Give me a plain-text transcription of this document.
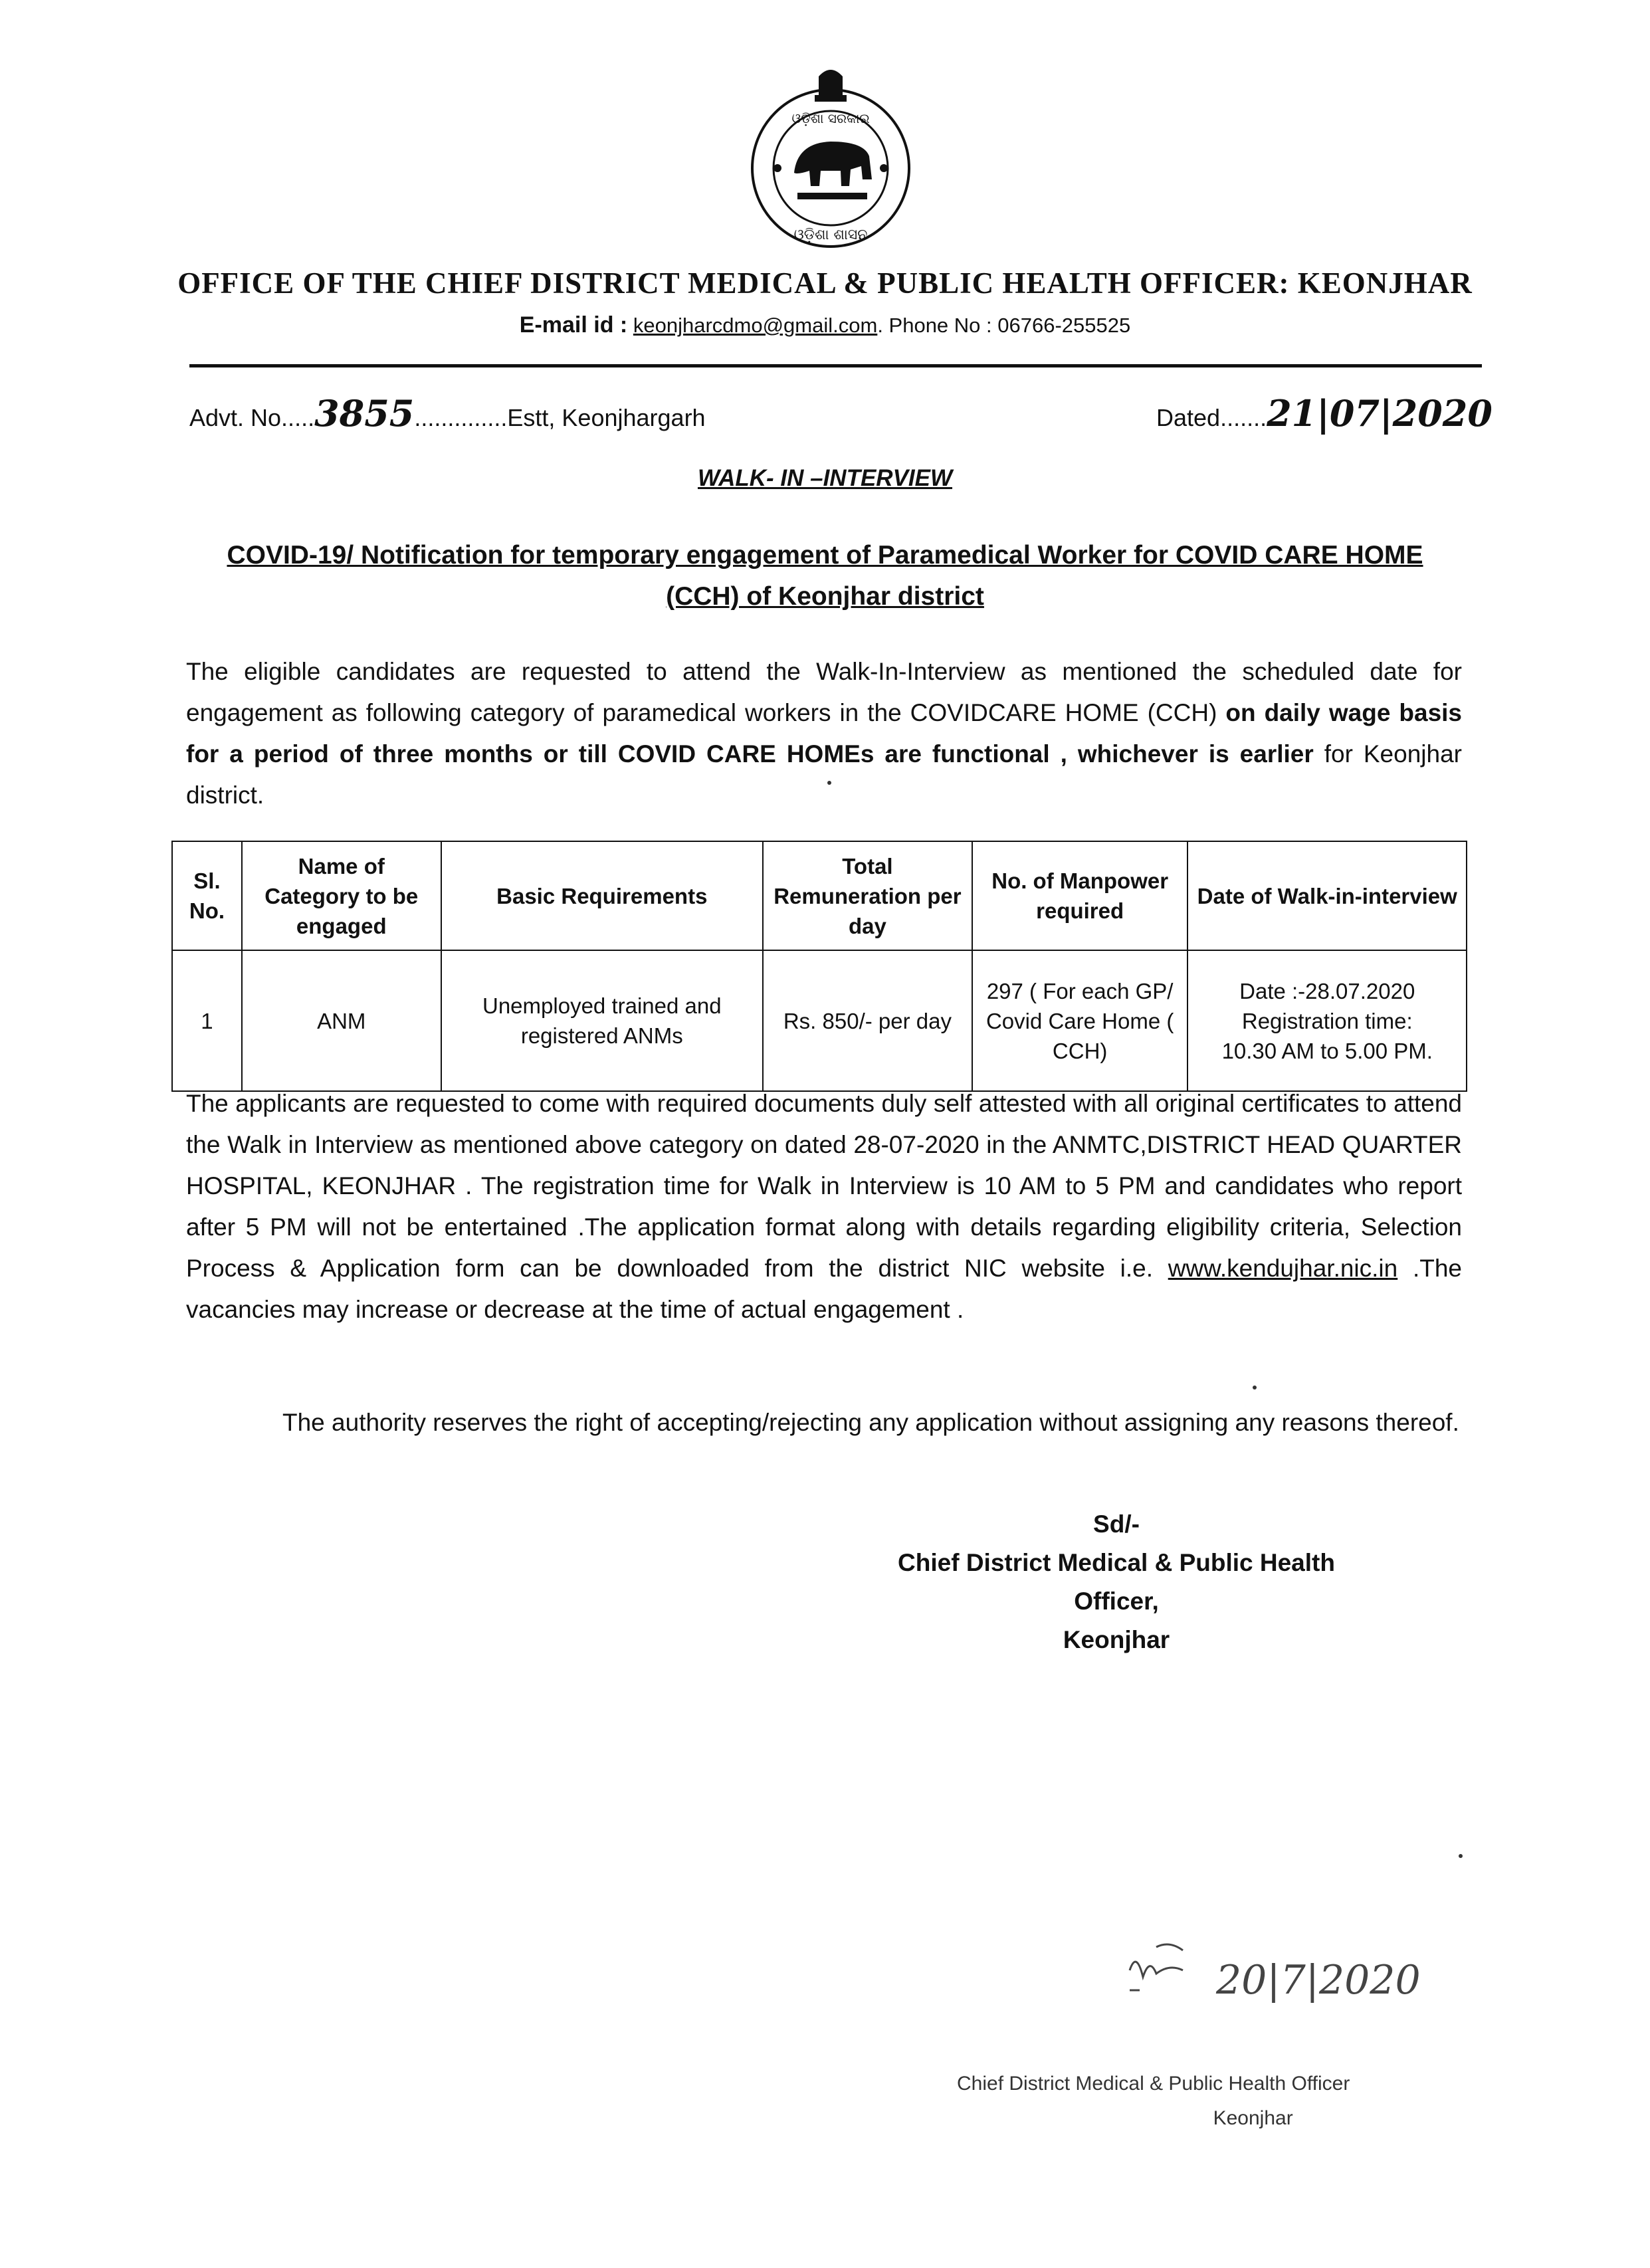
ଓଡ଼ିଶା ଶାସନ
ଓଡ଼ିଶା ସରକାର
OFFICE OF THE CHIEF DISTRICT MEDICAL & PUBLIC HEALTH OFFICER: KEONJHAR
E-mail id : keonjharcdmo@gmail.com. Phone No : 06766-255525
Advt. No.....3855..............Estt, Keonjhargarh	Dated.......21|07|2020
WALK- IN –INTERVIEW
COVID-19/ Notification for temporary engagement of Paramedical Worker for COVID CARE HOME (CCH) of Keonjhar district
The eligible candidates are requested to attend the Walk-In-Interview as mentioned the scheduled date for engagement as following category of paramedical workers in the COVIDCARE HOME (CCH) on daily wage basis for a period of three months or till COVID CARE HOMEs are functional , whichever is earlier for Keonjhar district.
Sl. No.	Name of Category to be engaged	Basic Requirements	Total Remuneration per day	No. of Manpower required	Date of Walk-in-interview
1	ANM	Unemployed trained and registered ANMs	Rs. 850/- per day	297 ( For each GP/ Covid Care Home ( CCH)	Date :-28.07.2020
Registration time:
10.30 AM to 5.00 PM.
The applicants are requested to come with required documents duly self attested with all original certificates to attend the Walk in Interview as mentioned above category on dated 28-07-2020 in the ANMTC,DISTRICT HEAD QUARTER HOSPITAL, KEONJHAR . The registration time for Walk in Interview is 10 AM to 5 PM and candidates who report after 5 PM will not be entertained .The application format along with details regarding eligibility criteria, Selection Process & Application form can be downloaded from the district NIC website i.e. www.kendujhar.nic.in .The vacancies may increase or decrease at the time of actual engagement .
The authority reserves the right of accepting/rejecting any application without assigning any reasons thereof.
Sd/-
Chief District Medical & Public Health Officer,
Keonjhar
20|7|2020
Chief District Medical & Public Health Officer
Keonjhar
